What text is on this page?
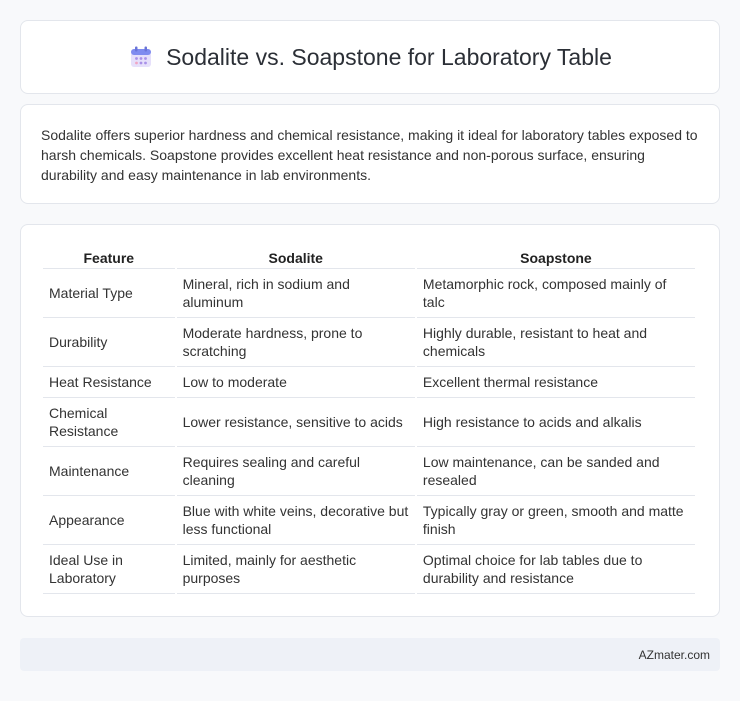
Sodalite vs. Soapstone for Laboratory Table

Sodalite offers superior hardness and chemical resistance, making it ideal for laboratory tables exposed to harsh chemicals. Soapstone provides excellent heat resistance and non-porous surface, ensuring durability and easy maintenance in lab environments.

Feature	Sodalite	Soapstone
Material Type	Mineral, rich in sodium and aluminum	Metamorphic rock, composed mainly of talc
Durability	Moderate hardness, prone to scratching	Highly durable, resistant to heat and chemicals
Heat Resistance	Low to moderate	Excellent thermal resistance
Chemical Resistance	Lower resistance, sensitive to acids	High resistance to acids and alkalis
Maintenance	Requires sealing and careful cleaning	Low maintenance, can be sanded and resealed
Appearance	Blue with white veins, decorative but less functional	Typically gray or green, smooth and matte finish
Ideal Use in Laboratory	Limited, mainly for aesthetic purposes	Optimal choice for lab tables due to durability and resistance
AZmater.com
